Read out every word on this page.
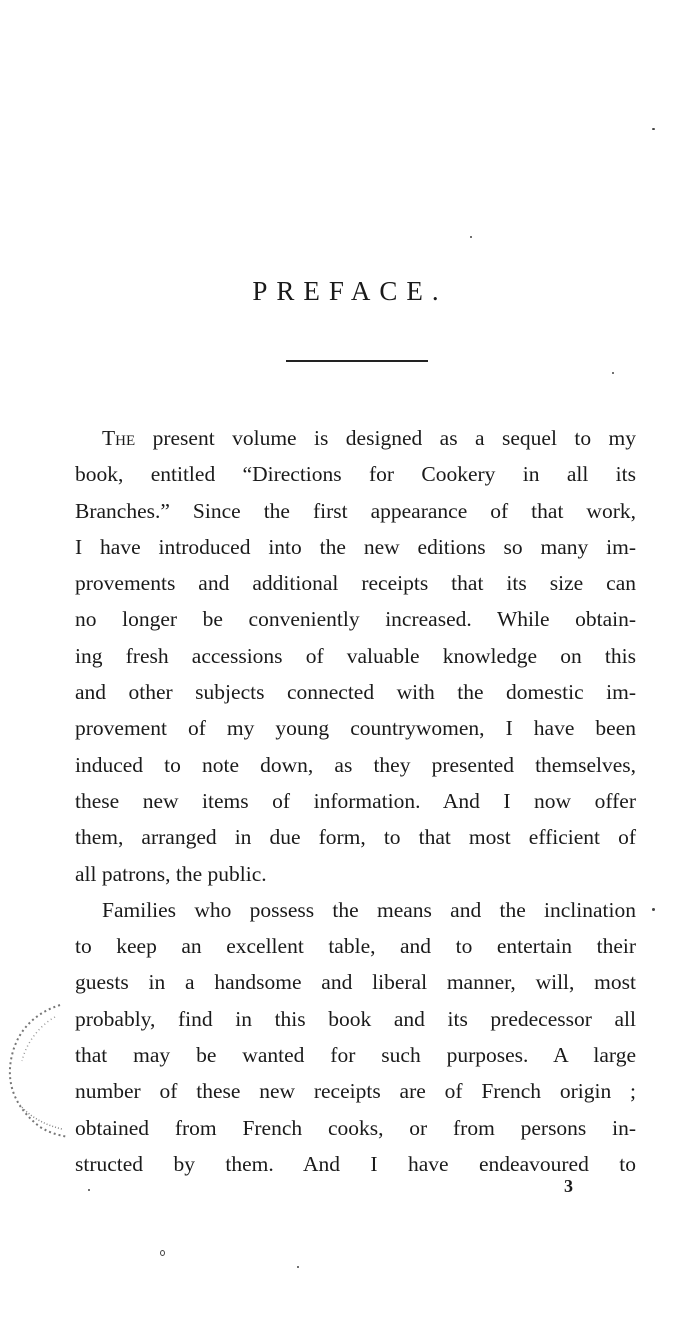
PREFACE.
The present volume is designed as a sequel to my
book, entitled “Directions for Cookery in all its
Branches.” Since the first appearance of that work,
I have introduced into the new editions so many im-
provements and additional receipts that its size can
no longer be conveniently increased. While obtain-
ing fresh accessions of valuable knowledge on this
and other subjects connected with the domestic im-
provement of my young countrywomen, I have been
induced to note down, as they presented themselves,
these new items of information. And I now offer
them, arranged in due form, to that most efficient of
all patrons, the public.
Families who possess the means and the inclination
to keep an excellent table, and to entertain their
guests in a handsome and liberal manner, will, most
probably, find in this book and its predecessor all
that may be wanted for such purposes. A large
number of these new receipts are of French origin ;
obtained from French cooks, or from persons in-
structed by them. And I have endeavoured to
3
